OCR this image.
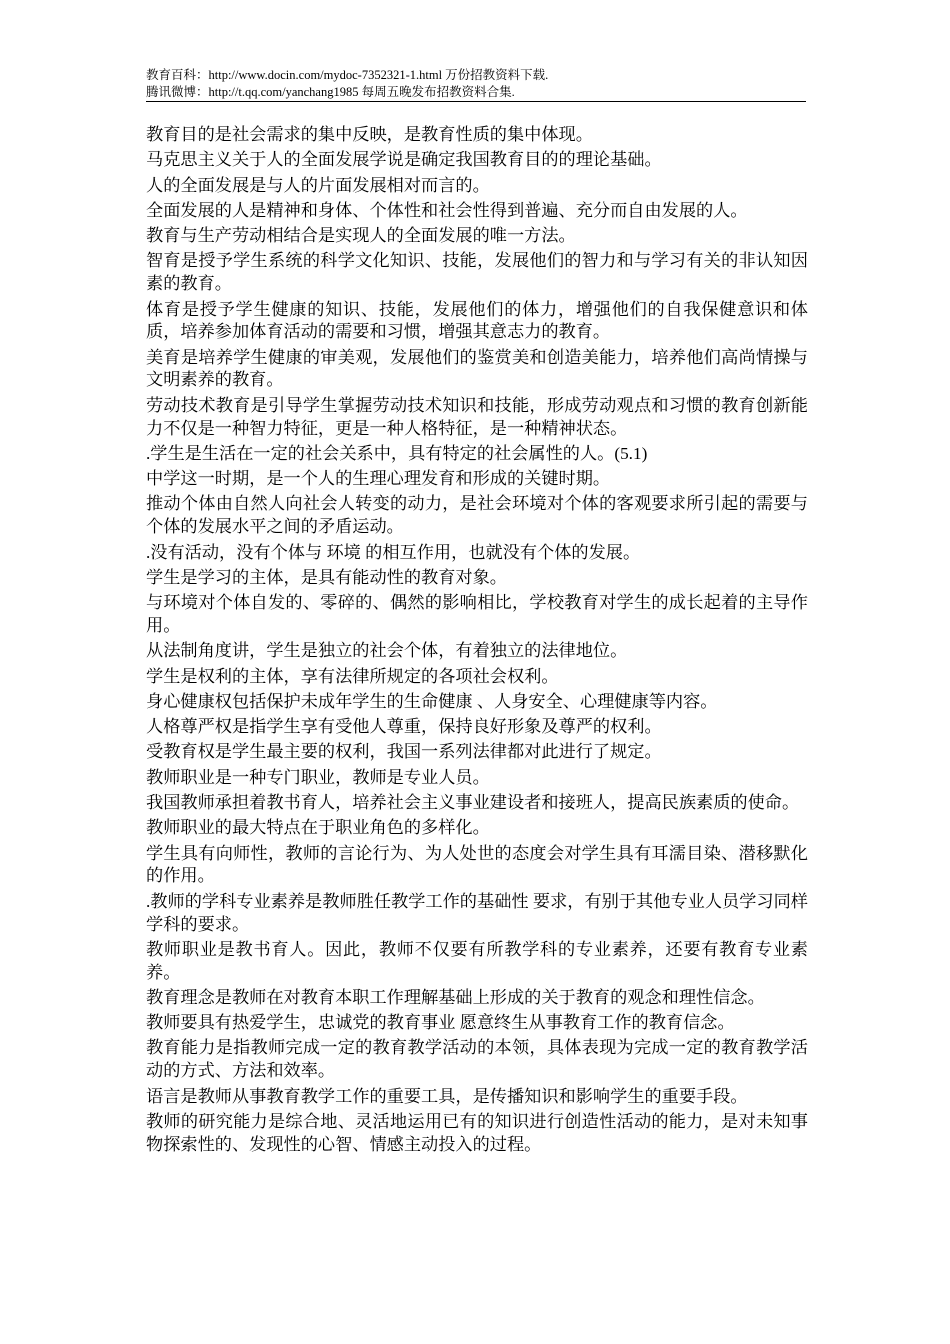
教育百科：http://www.docin.com/mydoc-7352321-1.html 万份招教资料下载.
腾讯微博：http://t.qq.com/yanchang1985 每周五晚发布招教资料合集.

教育目的是社会需求的集中反映，是教育性质的集中体现。

马克思主义关于人的全面发展学说是确定我国教育目的的理论基础。

人的全面发展是与人的片面发展相对而言的。

全面发展的人是精神和身体、个体性和社会性得到普遍、充分而自由发展的人。

教育与生产劳动相结合是实现人的全面发展的唯一方法。

智育是授予学生系统的科学文化知识、技能，发展他们的智力和与学习有关的非认知因素的教育。

体育是授予学生健康的知识、技能，发展他们的体力，增强他们的自我保健意识和体质，培养参加体育活动的需要和习惯，增强其意志力的教育。

美育是培养学生健康的审美观，发展他们的鉴赏美和创造美能力，培养他们高尚情操与文明素养的教育。

劳动技术教育是引导学生掌握劳动技术知识和技能，形成劳动观点和习惯的教育创新能力不仅是一种智力特征，更是一种人格特征，是一种精神状态。

.学生是生活在一定的社会关系中，具有特定的社会属性的人。(5.1)

中学这一时期，是一个人的生理心理发育和形成的关键时期。

推动个体由自然人向社会人转变的动力，是社会环境对个体的客观要求所引起的需要与个体的发展水平之间的矛盾运动。

.没有活动，没有个体与 环境 的相互作用，也就没有个体的发展。

学生是学习的主体，是具有能动性的教育对象。

与环境对个体自发的、零碎的、偶然的影响相比，学校教育对学生的成长起着的主导作用。

从法制角度讲，学生是独立的社会个体，有着独立的法律地位。

学生是权利的主体，享有法律所规定的各项社会权利。

身心健康权包括保护未成年学生的生命健康 、人身安全、心理健康等内容。

人格尊严权是指学生享有受他人尊重，保持良好形象及尊严的权利。

受教育权是学生最主要的权利，我国一系列法律都对此进行了规定。

教师职业是一种专门职业，教师是专业人员。

我国教师承担着教书育人，培养社会主义事业建设者和接班人，提高民族素质的使命。

教师职业的最大特点在于职业角色的多样化。

学生具有向师性，教师的言论行为、为人处世的态度会对学生具有耳濡目染、潜移默化的作用。

.教师的学科专业素养是教师胜任教学工作的基础性 要求，有别于其他专业人员学习同样学科的要求。

教师职业是教书育人。因此，教师不仅要有所教学科的专业素养，还要有教育专业素养。

教育理念是教师在对教育本职工作理解基础上形成的关于教育的观念和理性信念。

教师要具有热爱学生，忠诚党的教育事业 愿意终生从事教育工作的教育信念。

教育能力是指教师完成一定的教育教学活动的本领，具体表现为完成一定的教育教学活动的方式、方法和效率。

语言是教师从事教育教学工作的重要工具，是传播知识和影响学生的重要手段。

教师的研究能力是综合地、灵活地运用已有的知识进行创造性活动的能力，是对未知事物探索性的、发现性的心智、情感主动投入的过程。
